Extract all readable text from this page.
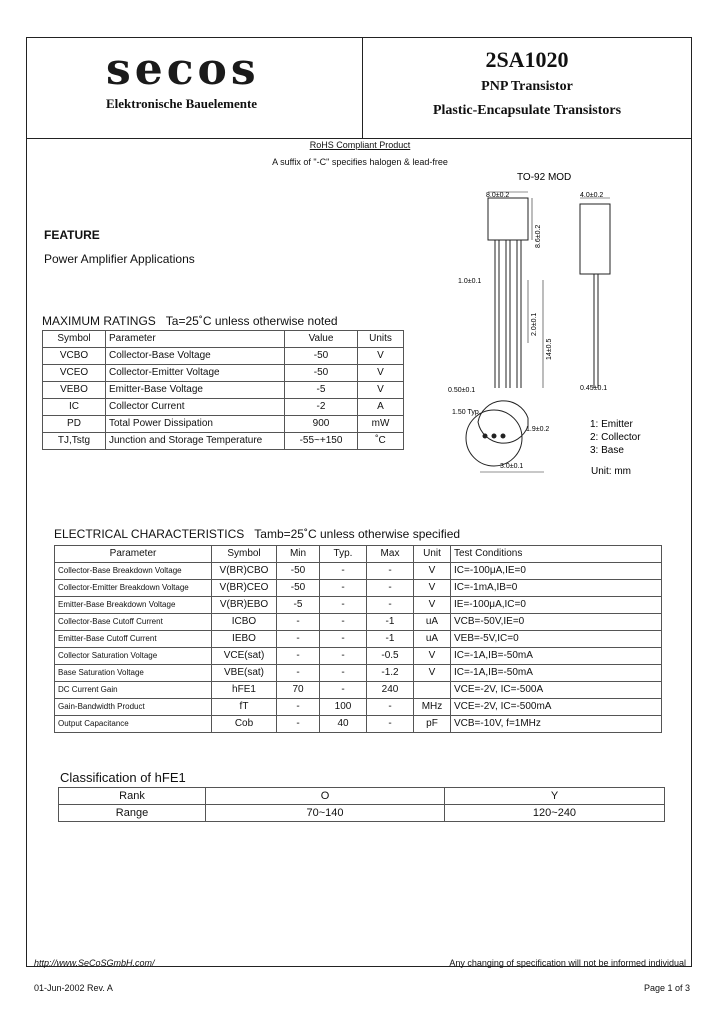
secos
Elektronische Bauelemente
2SA1020
PNP Transistor
Plastic-Encapsulate Transistors
RoHS Compliant Product
A suffix of "-C" specifies halogen & lead-free
FEATURE
Power Amplifier Applications
TO-92 MOD
8.0±0.2
8.6±0.2
1.0±0.1
2.0±0.1
14±0.5
0.50±0.1
4.0±0.2
0.45±0.1
1.50 Typ.
1.9±0.2
3.0±0.1
1: Emitter
2: Collector
3: Base
Unit: mm
MAXIMUM RATINGS Ta=25˚C unless otherwise noted
Symbol	Parameter	Value	Units
VCBO	Collector-Base Voltage	-50	V
VCEO	Collector-Emitter Voltage	-50	V
VEBO	Emitter-Base Voltage	-5	V
IC	Collector Current	-2	A
PD	Total Power Dissipation	900	mW
TJ,Tstg	Junction and Storage Temperature	-55~+150	˚C
ELECTRICAL CHARACTERISTICS Tamb=25˚C unless otherwise specified
Parameter	Symbol	Min	Typ.	Max	Unit	Test Conditions
Collector-Base Breakdown Voltage	V(BR)CBO	-50	-	-	V	IC=-100μA,IE=0
Collector-Emitter Breakdown Voltage	V(BR)CEO	-50	-	-	V	IC=-1mA,IB=0
Emitter-Base Breakdown Voltage	V(BR)EBO	-5	-	-	V	IE=-100μA,IC=0
Collector-Base Cutoff Current	ICBO	-	-	-1	uA	VCB=-50V,IE=0
Emitter-Base Cutoff Current	IEBO	-	-	-1	uA	VEB=-5V,IC=0
Collector Saturation Voltage	VCE(sat)	-	-	-0.5	V	IC=-1A,IB=-50mA
Base Saturation Voltage	VBE(sat)	-	-	-1.2	V	IC=-1A,IB=-50mA
DC Current Gain	hFE1	70	-	240		VCE=-2V, IC=-500A
Gain-Bandwidth Product	fT	-	100	-	MHz	VCE=-2V, IC=-500mA
Output Capacitance	Cob	-	40	-	pF	VCB=-10V, f=1MHz
Classification of hFE1
Rank	O	Y
Range	70~140	120~240
http://www.SeCoSGmbH.com/	Any changing of specification will not be informed individual
01-Jun-2002 Rev. A	Page 1 of 3
